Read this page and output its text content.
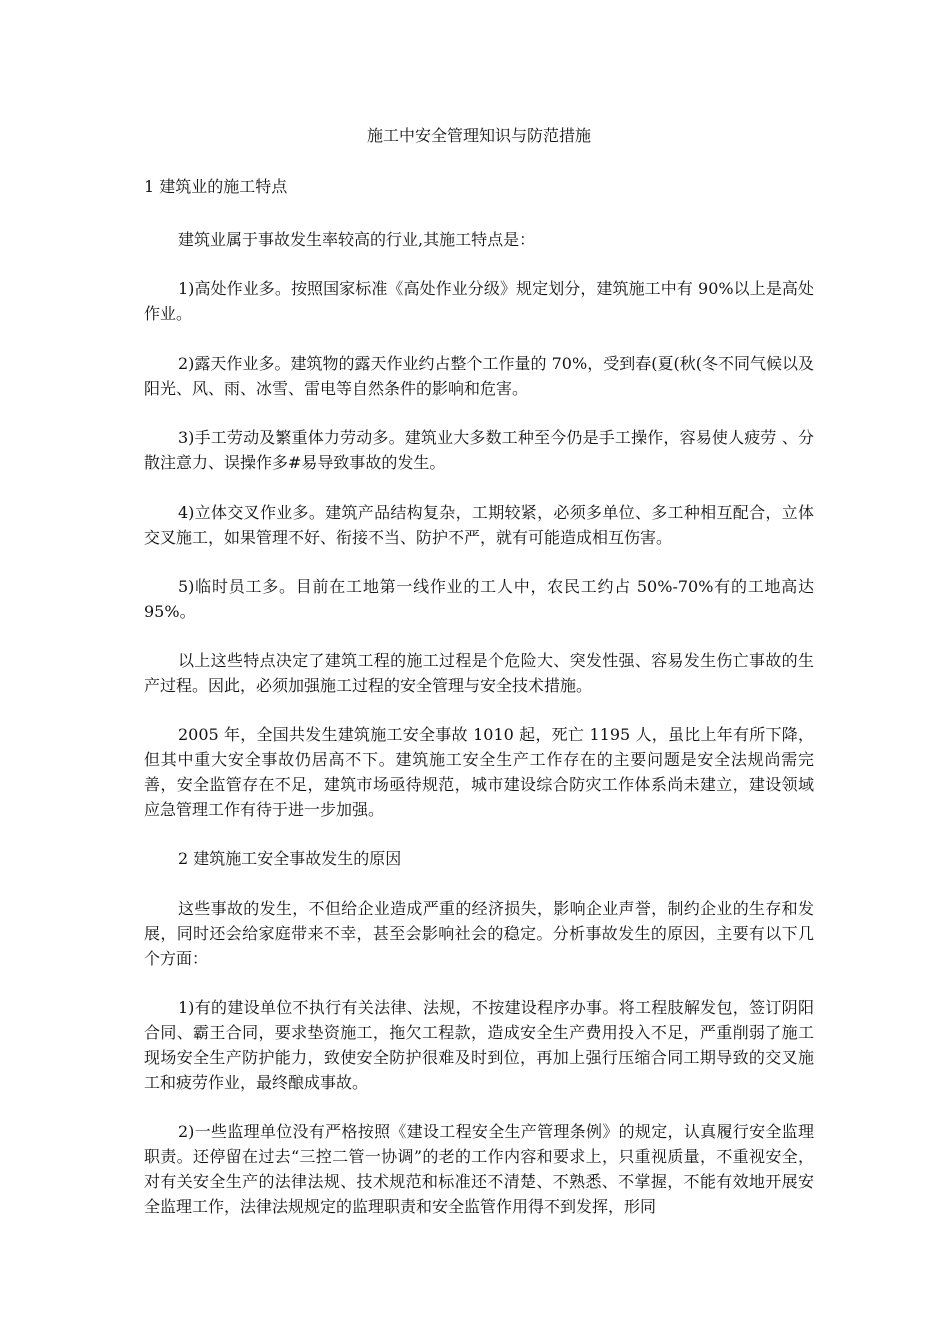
施工中安全管理知识与防范措施

1 建筑业的施工特点

建筑业属于事故发生率较高的行业,其施工特点是：

1)高处作业多。按照国家标准《高处作业分级》规定划分，建筑施工中有 90%以上是高处作业。

2)露天作业多。建筑物的露天作业约占整个工作量的 70%，受到春(夏(秋(冬不同气候以及阳光、风、雨、冰雪、雷电等自然条件的影响和危害。

3)手工劳动及繁重体力劳动多。建筑业大多数工种至今仍是手工操作，容易使人疲劳 、分散注意力、误操作多#易导致事故的发生。

4)立体交叉作业多。建筑产品结构复杂，工期较紧，必须多单位、多工种相互配合，立体交叉施工，如果管理不好、衔接不当、防护不严，就有可能造成相互伤害。

5)临时员工多。目前在工地第一线作业的工人中，农民工约占 50%-70%有的工地高达 95%。

以上这些特点决定了建筑工程的施工过程是个危险大、突发性强、容易发生伤亡事故的生产过程。因此，必须加强施工过程的安全管理与安全技术措施。

2005 年，全国共发生建筑施工安全事故 1010 起，死亡 1195 人，虽比上年有所下降，但其中重大安全事故仍居高不下。建筑施工安全生产工作存在的主要问题是安全法规尚需完善，安全监管存在不足，建筑市场亟待规范，城市建设综合防灾工作体系尚未建立，建设领域应急管理工作有待于进一步加强。

2 建筑施工安全事故发生的原因

这些事故的发生，不但给企业造成严重的经济损失，影响企业声誉，制约企业的生存和发展，同时还会给家庭带来不幸，甚至会影响社会的稳定。分析事故发生的原因，主要有以下几个方面：

1)有的建设单位不执行有关法律、法规，不按建设程序办事。将工程肢解发包，签订阴阳合同、霸王合同，要求垫资施工，拖欠工程款，造成安全生产费用投入不足，严重削弱了施工现场安全生产防护能力，致使安全防护很难及时到位，再加上强行压缩合同工期导致的交叉施工和疲劳作业，最终酿成事故。

2)一些监理单位没有严格按照《建设工程安全生产管理条例》的规定，认真履行安全监理职责。还停留在过去“三控二管一协调”的老的工作内容和要求上，只重视质量，不重视安全，对有关安全生产的法律法规、技术规范和标准还不清楚、不熟悉、不掌握，不能有效地开展安全监理工作，法律法规规定的监理职责和安全监管作用得不到发挥，形同
